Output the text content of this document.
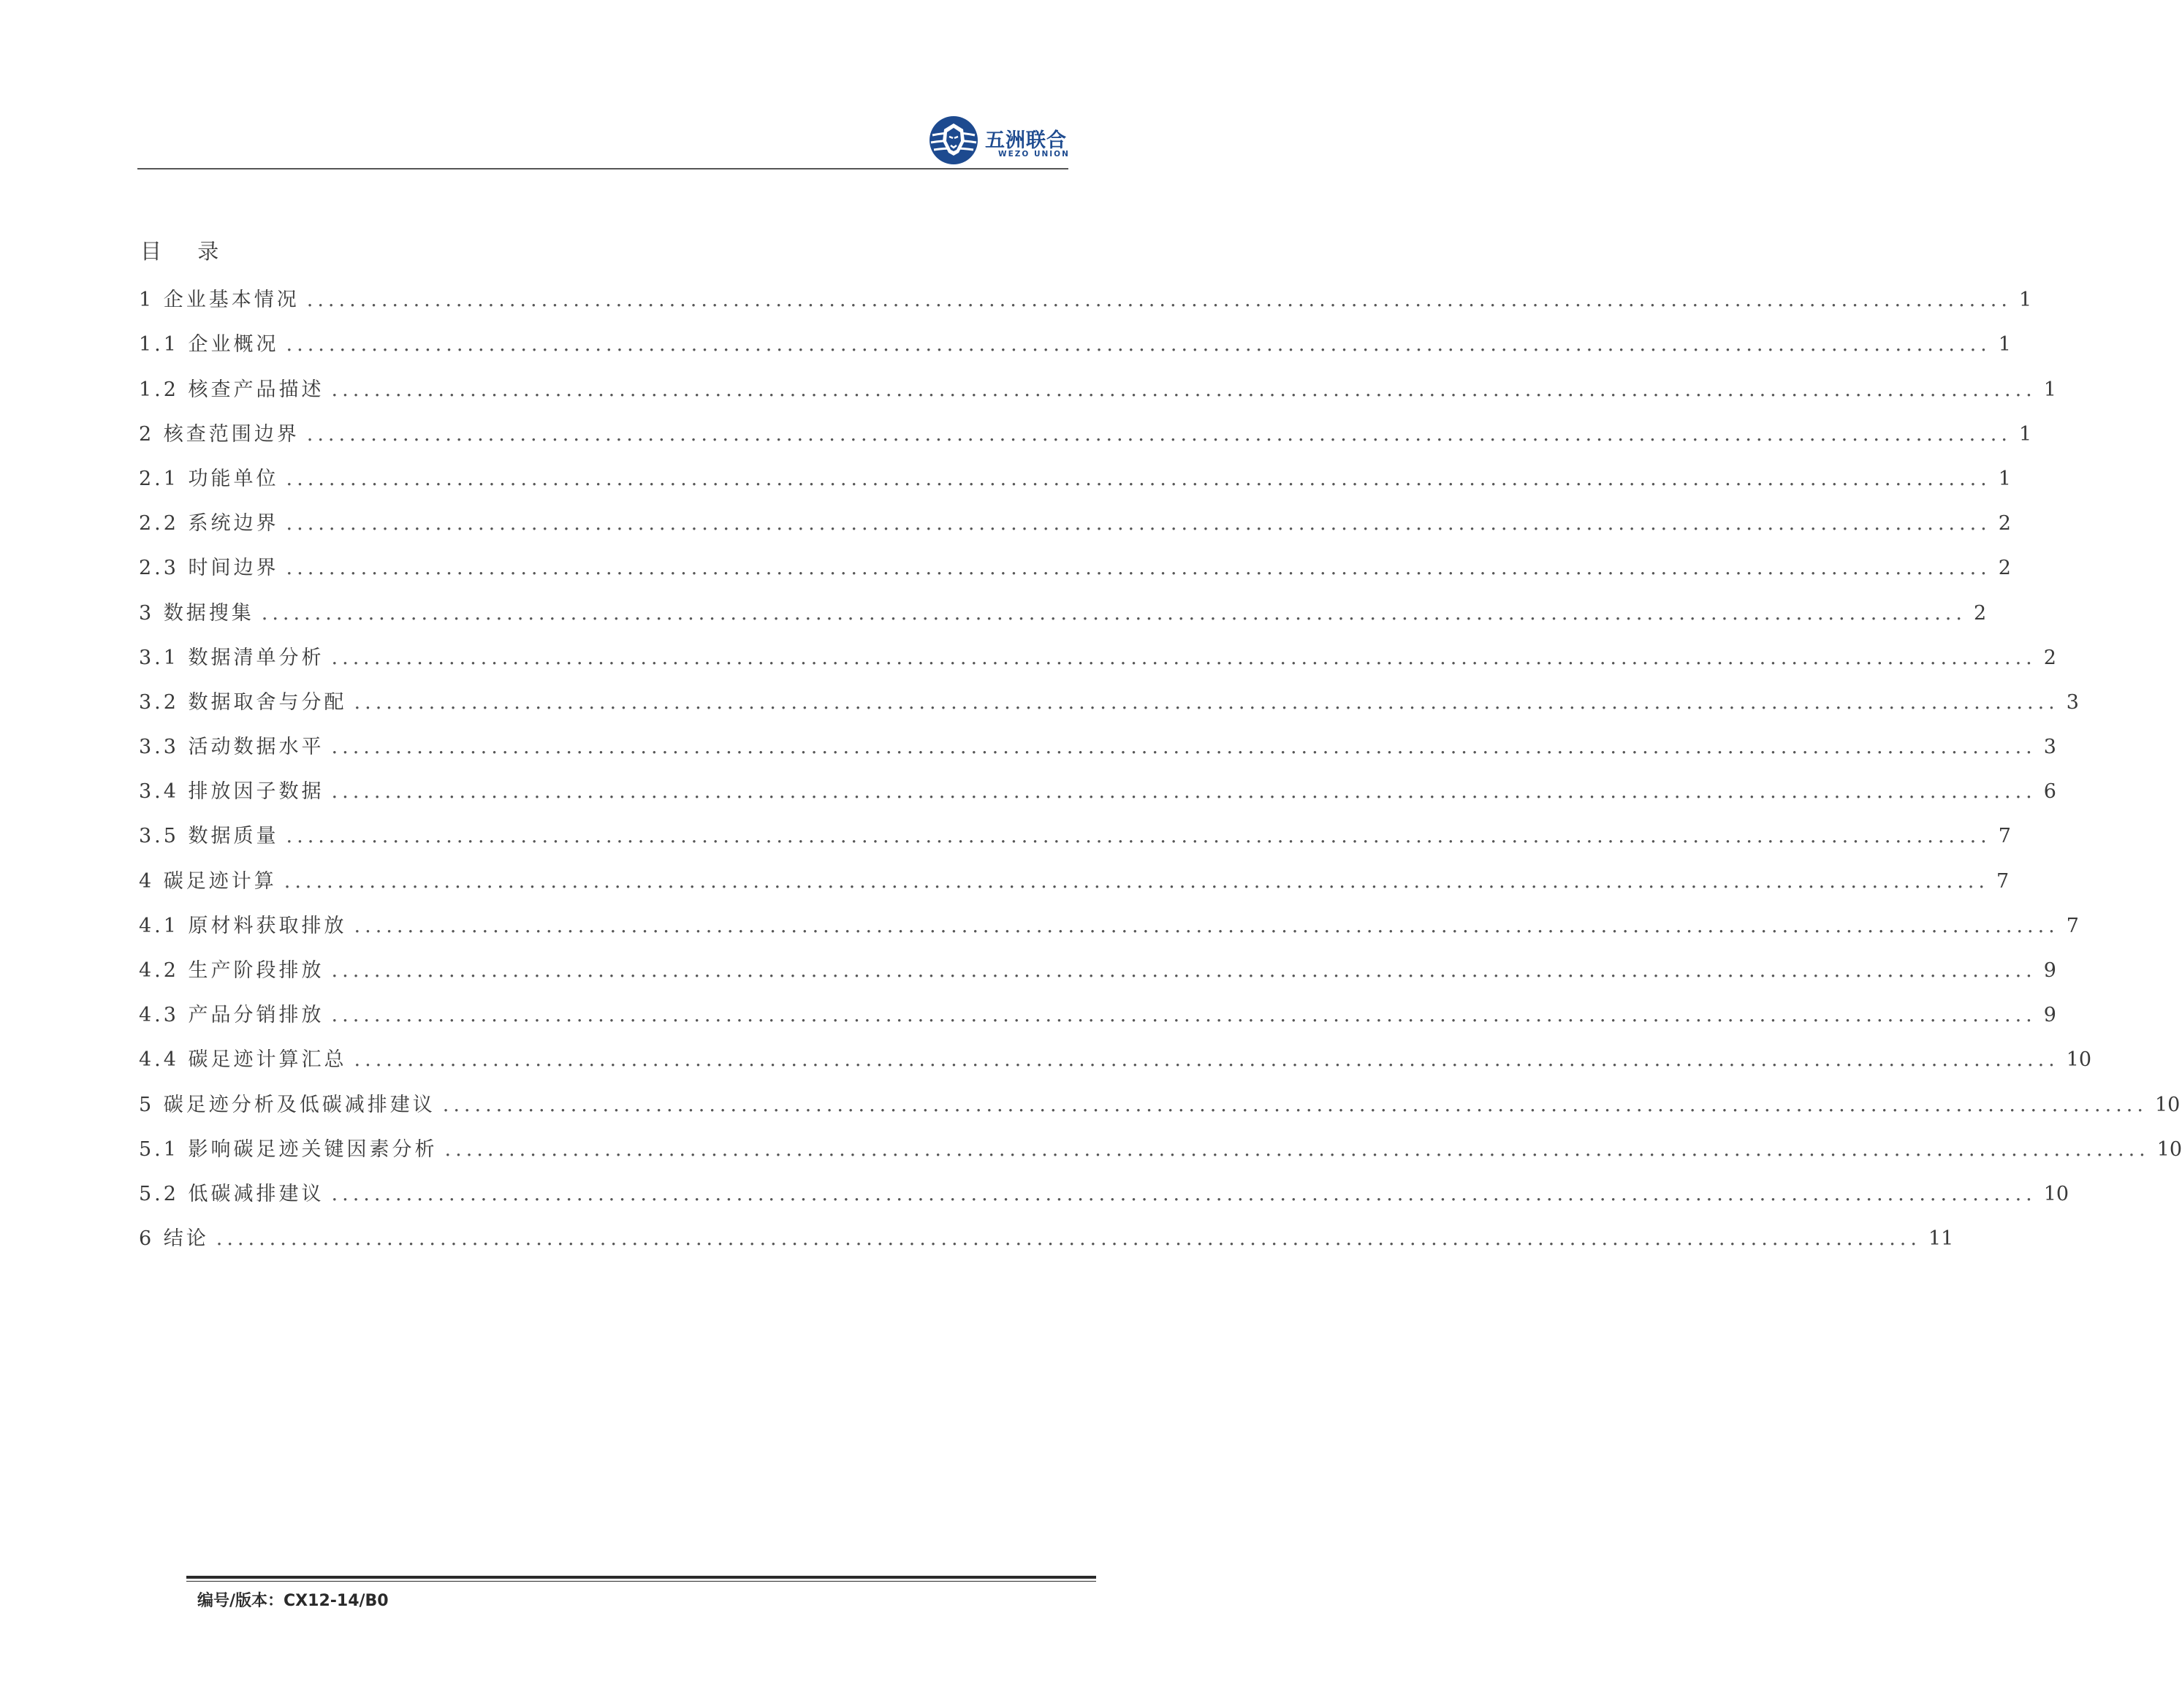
五洲联合
WEZO UNION
目 录
1 企业基本情况 ................................................................................................................................................................ 1
1.1 企业概况 ................................................................................................................................................................ 1
1.2 核查产品描述 ................................................................................................................................................................ 1
2 核查范围边界 ................................................................................................................................................................ 1
2.1 功能单位 ................................................................................................................................................................ 1
2.2 系统边界 ................................................................................................................................................................ 2
2.3 时间边界 ................................................................................................................................................................ 2
3 数据搜集 ................................................................................................................................................................ 2
3.1 数据清单分析 ................................................................................................................................................................ 2
3.2 数据取舍与分配 ................................................................................................................................................................ 3
3.3 活动数据水平 ................................................................................................................................................................ 3
3.4 排放因子数据 ................................................................................................................................................................ 6
3.5 数据质量 ................................................................................................................................................................ 7
4 碳足迹计算 ................................................................................................................................................................ 7
4.1 原材料获取排放 ................................................................................................................................................................ 7
4.2 生产阶段排放 ................................................................................................................................................................ 9
4.3 产品分销排放 ................................................................................................................................................................ 9
4.4 碳足迹计算汇总 ................................................................................................................................................................ 10
5 碳足迹分析及低碳减排建议 ................................................................................................................................................................ 10
5.1 影响碳足迹关键因素分析 ................................................................................................................................................................ 10
5.2 低碳减排建议 ................................................................................................................................................................ 10
6 结论 ................................................................................................................................................................ 11
编号/版本：CX12-14/B0
